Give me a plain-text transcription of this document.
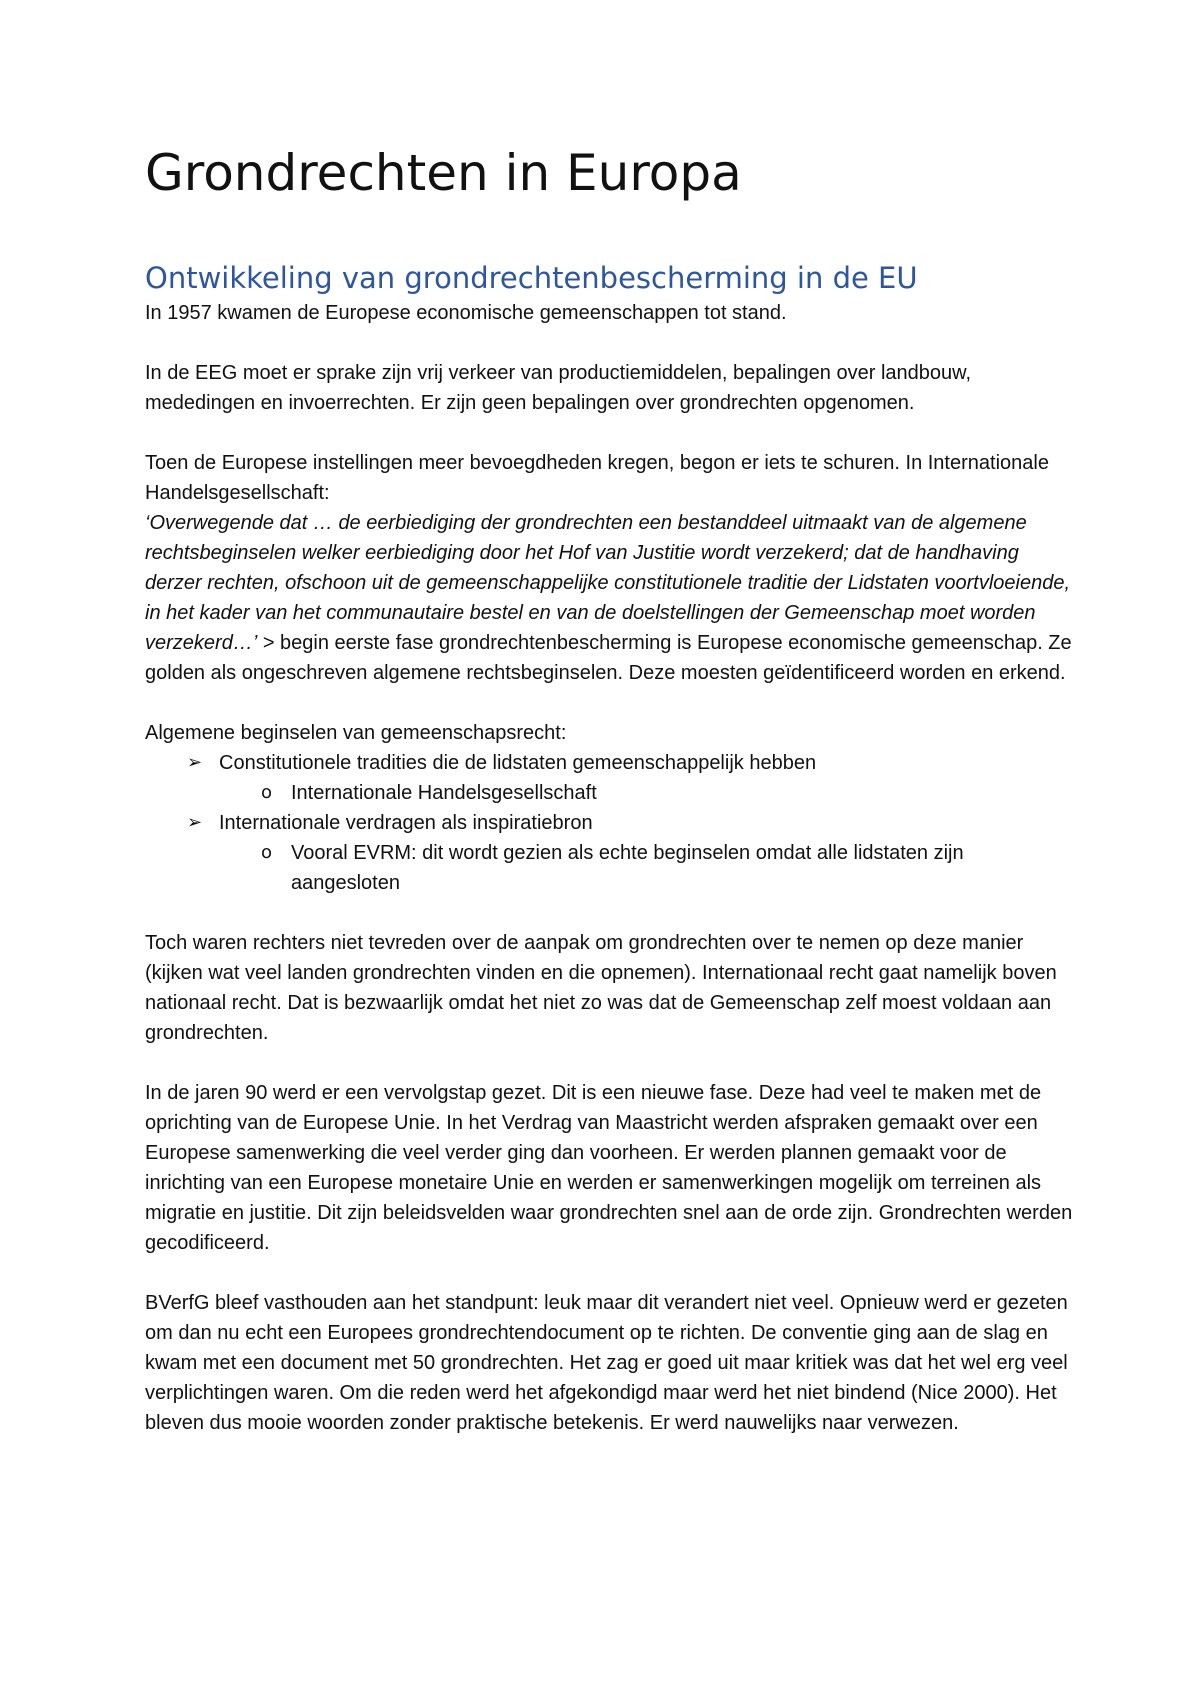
Grondrechten in Europa
Ontwikkeling van grondrechtenbescherming in de EU

In 1957 kwamen de Europese economische gemeenschappen tot stand.

In de EEG moet er sprake zijn vrij verkeer van productiemiddelen, bepalingen over landbouw, mededingen en invoerrechten. Er zijn geen bepalingen over grondrechten opgenomen.

Toen de Europese instellingen meer bevoegdheden kregen, begon er iets te schuren. In Internationale Handelsgesellschaft:
‘Overwegende dat … de eerbiediging der grondrechten een bestanddeel uitmaakt van de algemene rechtsbeginselen welker eerbiediging door het Hof van Justitie wordt verzekerd; dat de handhaving derzer rechten, ofschoon uit de gemeenschappelijke constitutionele traditie der Lidstaten voortvloeiende, in het kader van het communautaire bestel en van de doelstellingen der Gemeenschap moet worden verzekerd…’ > begin eerste fase grondrechtenbescherming is Europese economische gemeenschap. Ze golden als ongeschreven algemene rechtsbeginselen. Deze moesten geïdentificeerd worden en erkend.

Algemene beginselen van gemeenschapsrecht:

➢ Constitutionele tradities die de lidstaten gemeenschappelijk hebben
o Internationale Handelsgesellschaft
➢ Internationale verdragen als inspiratiebron
o Vooral EVRM: dit wordt gezien als echte beginselen omdat alle lidstaten zijn aangesloten

Toch waren rechters niet tevreden over de aanpak om grondrechten over te nemen op deze manier (kijken wat veel landen grondrechten vinden en die opnemen). Internationaal recht gaat namelijk boven nationaal recht. Dat is bezwaarlijk omdat het niet zo was dat de Gemeenschap zelf moest voldaan aan grondrechten.

In de jaren 90 werd er een vervolgstap gezet. Dit is een nieuwe fase. Deze had veel te maken met de oprichting van de Europese Unie. In het Verdrag van Maastricht werden afspraken gemaakt over een Europese samenwerking die veel verder ging dan voorheen. Er werden plannen gemaakt voor de inrichting van een Europese monetaire Unie en werden er samenwerkingen mogelijk om terreinen als migratie en justitie. Dit zijn beleidsvelden waar grondrechten snel aan de orde zijn. Grondrechten werden gecodificeerd.

BVerfG bleef vasthouden aan het standpunt: leuk maar dit verandert niet veel. Opnieuw werd er gezeten om dan nu echt een Europees grondrechtendocument op te richten. De conventie ging aan de slag en kwam met een document met 50 grondrechten. Het zag er goed uit maar kritiek was dat het wel erg veel verplichtingen waren. Om die reden werd het afgekondigd maar werd het niet bindend (Nice 2000). Het bleven dus mooie woorden zonder praktische betekenis. Er werd nauwelijks naar verwezen.
